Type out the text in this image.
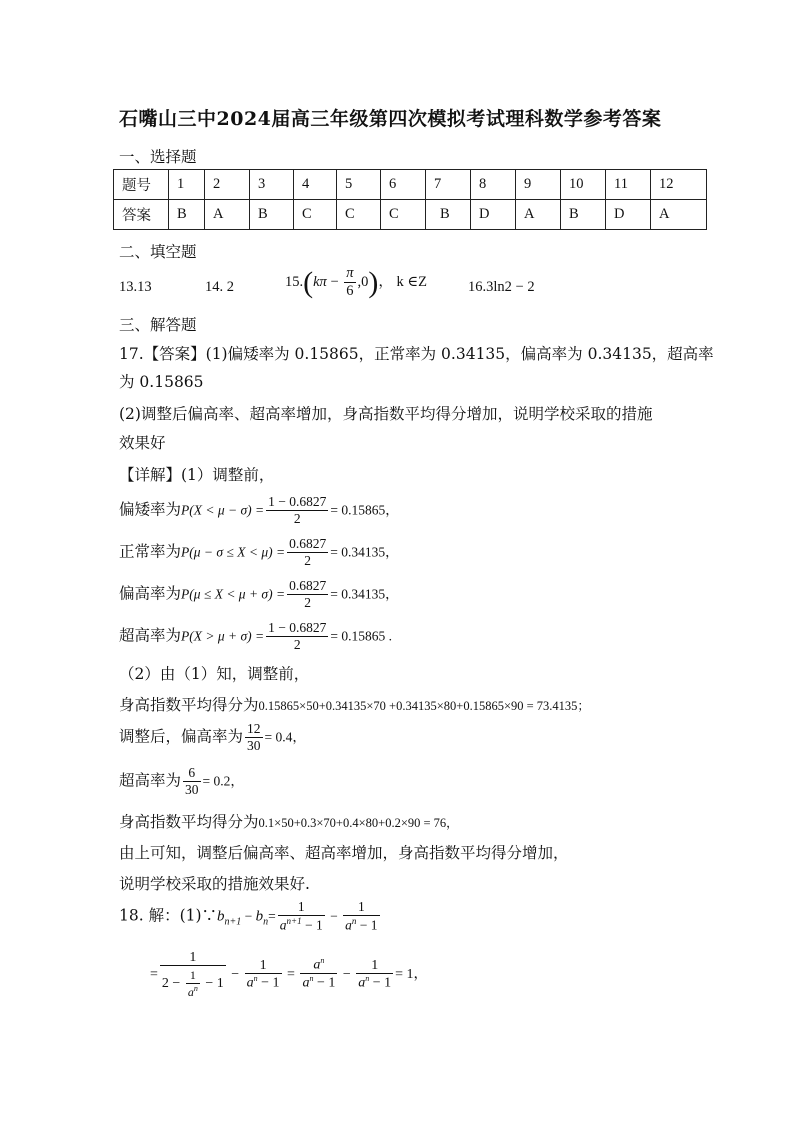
石嘴山三中2024届高三年级第四次模拟考试理科数学参考答案
一、选择题
题号	1	2	3	4	5	6	7	8	9	10	11	12
答案	B	A	B	C	C	C	B	D	A	B	D	A
二、填空题
13.13	14. 2	$15.(k\pi - \frac{\pi}{6} ,0)$， k ∈Z	16.3ln2 − 2
三、解答题
17.【答案】(1)偏矮率为 0.15865，正常率为 0.34135，偏高率为 0.34135，超高率
为 0.15865
(2)调整后偏高率、超高率增加，身高指数平均得分增加，说明学校采取的措施
效果好
【详解】(1）调整前，
偏矮率为$P(X < \mu - \sigma) = \frac{1 - 0.6827}{2} = 0.15865$，
正常率为$P(\mu - \sigma \le X < \mu) = \frac{0.6827}{2} = 0.34135$，
偏高率为$P(\mu \le X < \mu + \sigma) = \frac{0.6827}{2} = 0.34135$，
超高率为$P(X > \mu + \sigma) = \frac{1 - 0.6827}{2} = 0.15865$ .
（2）由（1）知，调整前，
身高指数平均得分为0.15865×50+0.34135×70 +0.34135×80+0.15865×90 = 73.4135；
调整后，偏高率为 $\frac{12}{30} = 0.4$，
超高率为 $\frac{6}{30} = 0.2$，
身高指数平均得分为0.1×50+0.3×70+0.4×80+0.2×90 = 76，
由上可知，调整后偏高率、超高率增加，身高指数平均得分增加，
说明学校采取的措施效果好.
18. 解：$(1)\because b_{n+1} - b_n= \frac{1}{a^{n+1} - 1} - \frac{1}{a^n - 1}$
= $\frac{1}{2 - \frac{1}{a^n} - 1} - \frac{1}{a^n - 1} = \frac{a^n}{a^n - 1} - \frac{1}{a^n - 1} = 1$，
